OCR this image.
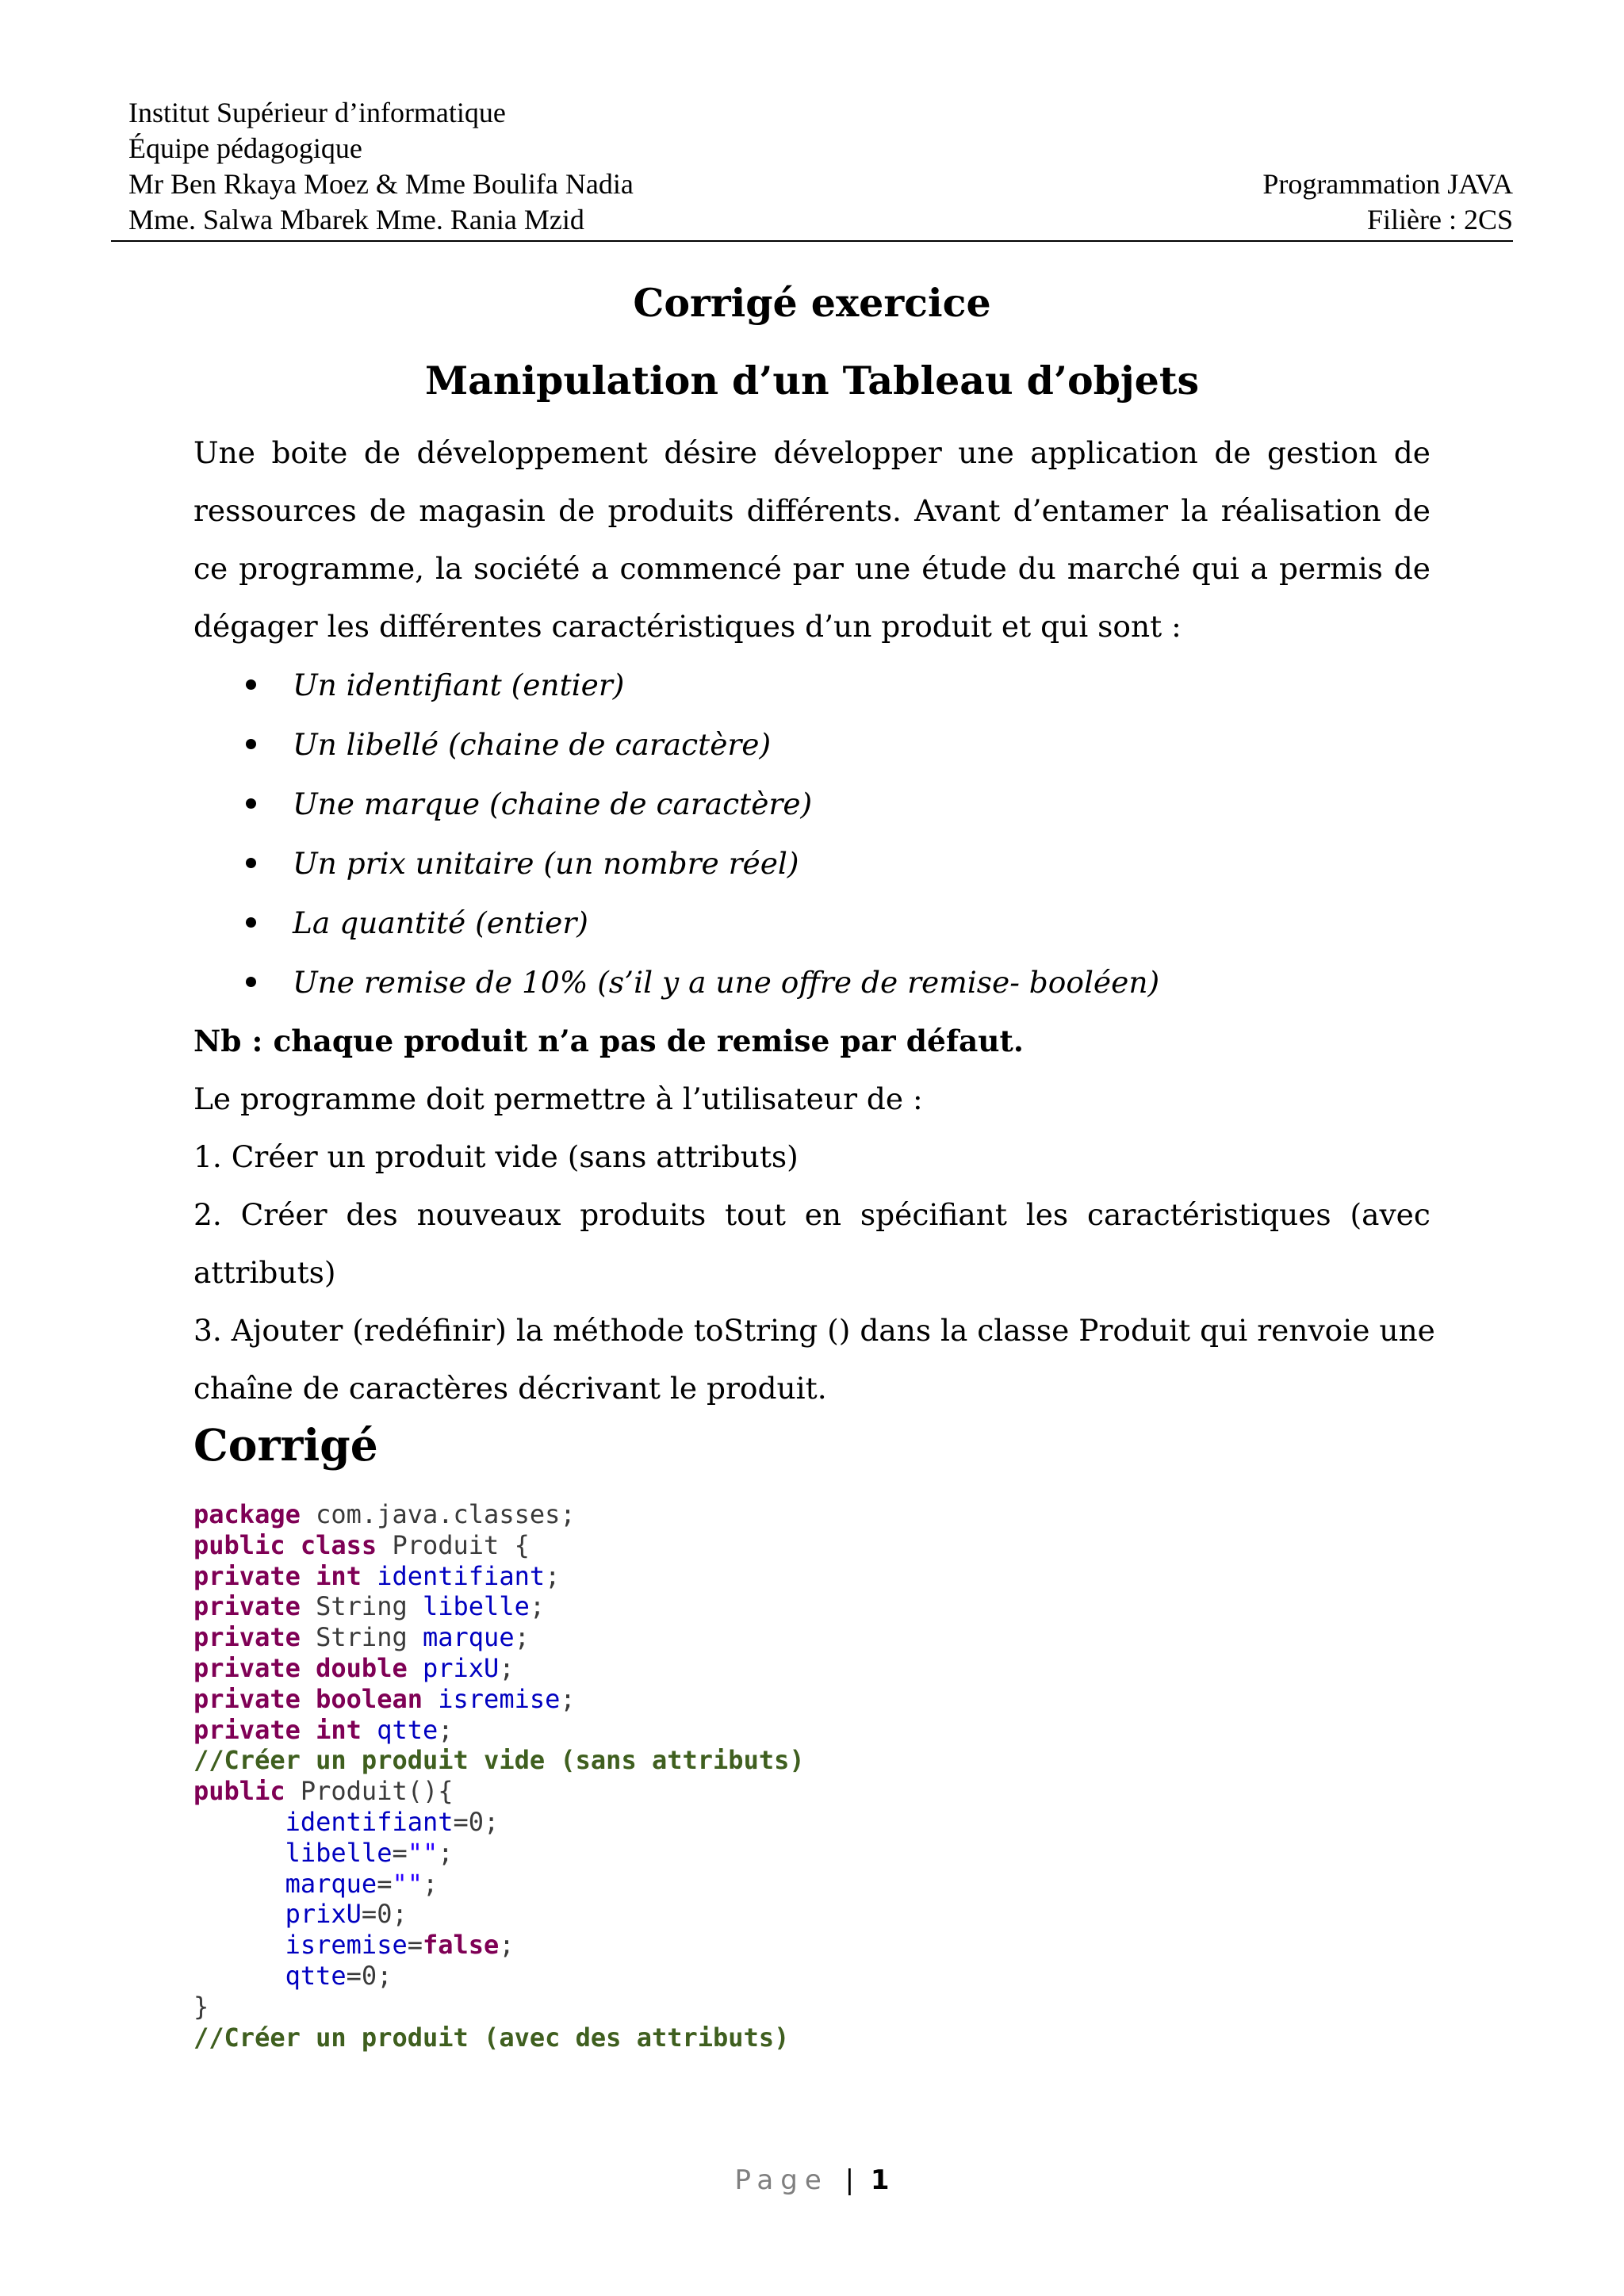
Institut Supérieur d’informatique
Équipe pédagogique
Mr Ben Rkaya Moez & Mme Boulifa Nadia	Programmation JAVA
Mme. Salwa Mbarek Mme. Rania Mzid	Filière : 2CS
Corrigé exercice
Manipulation d’un Tableau d’objets

Une boite de développement désire développer une application de gestion de ressources de magasin de produits différents. Avant d’entamer la réalisation de ce programme, la société a commencé par une étude du marché qui a permis de dégager les différentes caractéristiques d’un produit et qui sont :

Un identifiant (entier)
Un libellé (chaine de caractère)
Une marque (chaine de caractère)
Un prix unitaire (un nombre réel)
La quantité (entier)
Une remise de 10% (s’il y a une offre de remise- booléen)
Nb : chaque produit n’a pas de remise par défaut.
Le programme doit permettre à l’utilisateur de :
1. Créer un produit vide (sans attributs)
2. Créer des nouveaux produits tout en spécifiant les caractéristiques (avec
attributs)
3. Ajouter (redéfinir) la méthode toString () dans la classe Produit qui renvoie une
chaîne de caractères décrivant le produit.
Corrigé
package com.java.classes;
public class Produit {
private int identifiant;
private String libelle;
private String marque;
private double prixU;
private boolean isremise;
private int qtte;
//Créer un produit vide (sans attributs)
public Produit(){
identifiant=0;
libelle="";
marque="";
prixU=0;
isremise=false;
qtte=0;
}
//Créer un produit (avec des attributs)
Page | 1
